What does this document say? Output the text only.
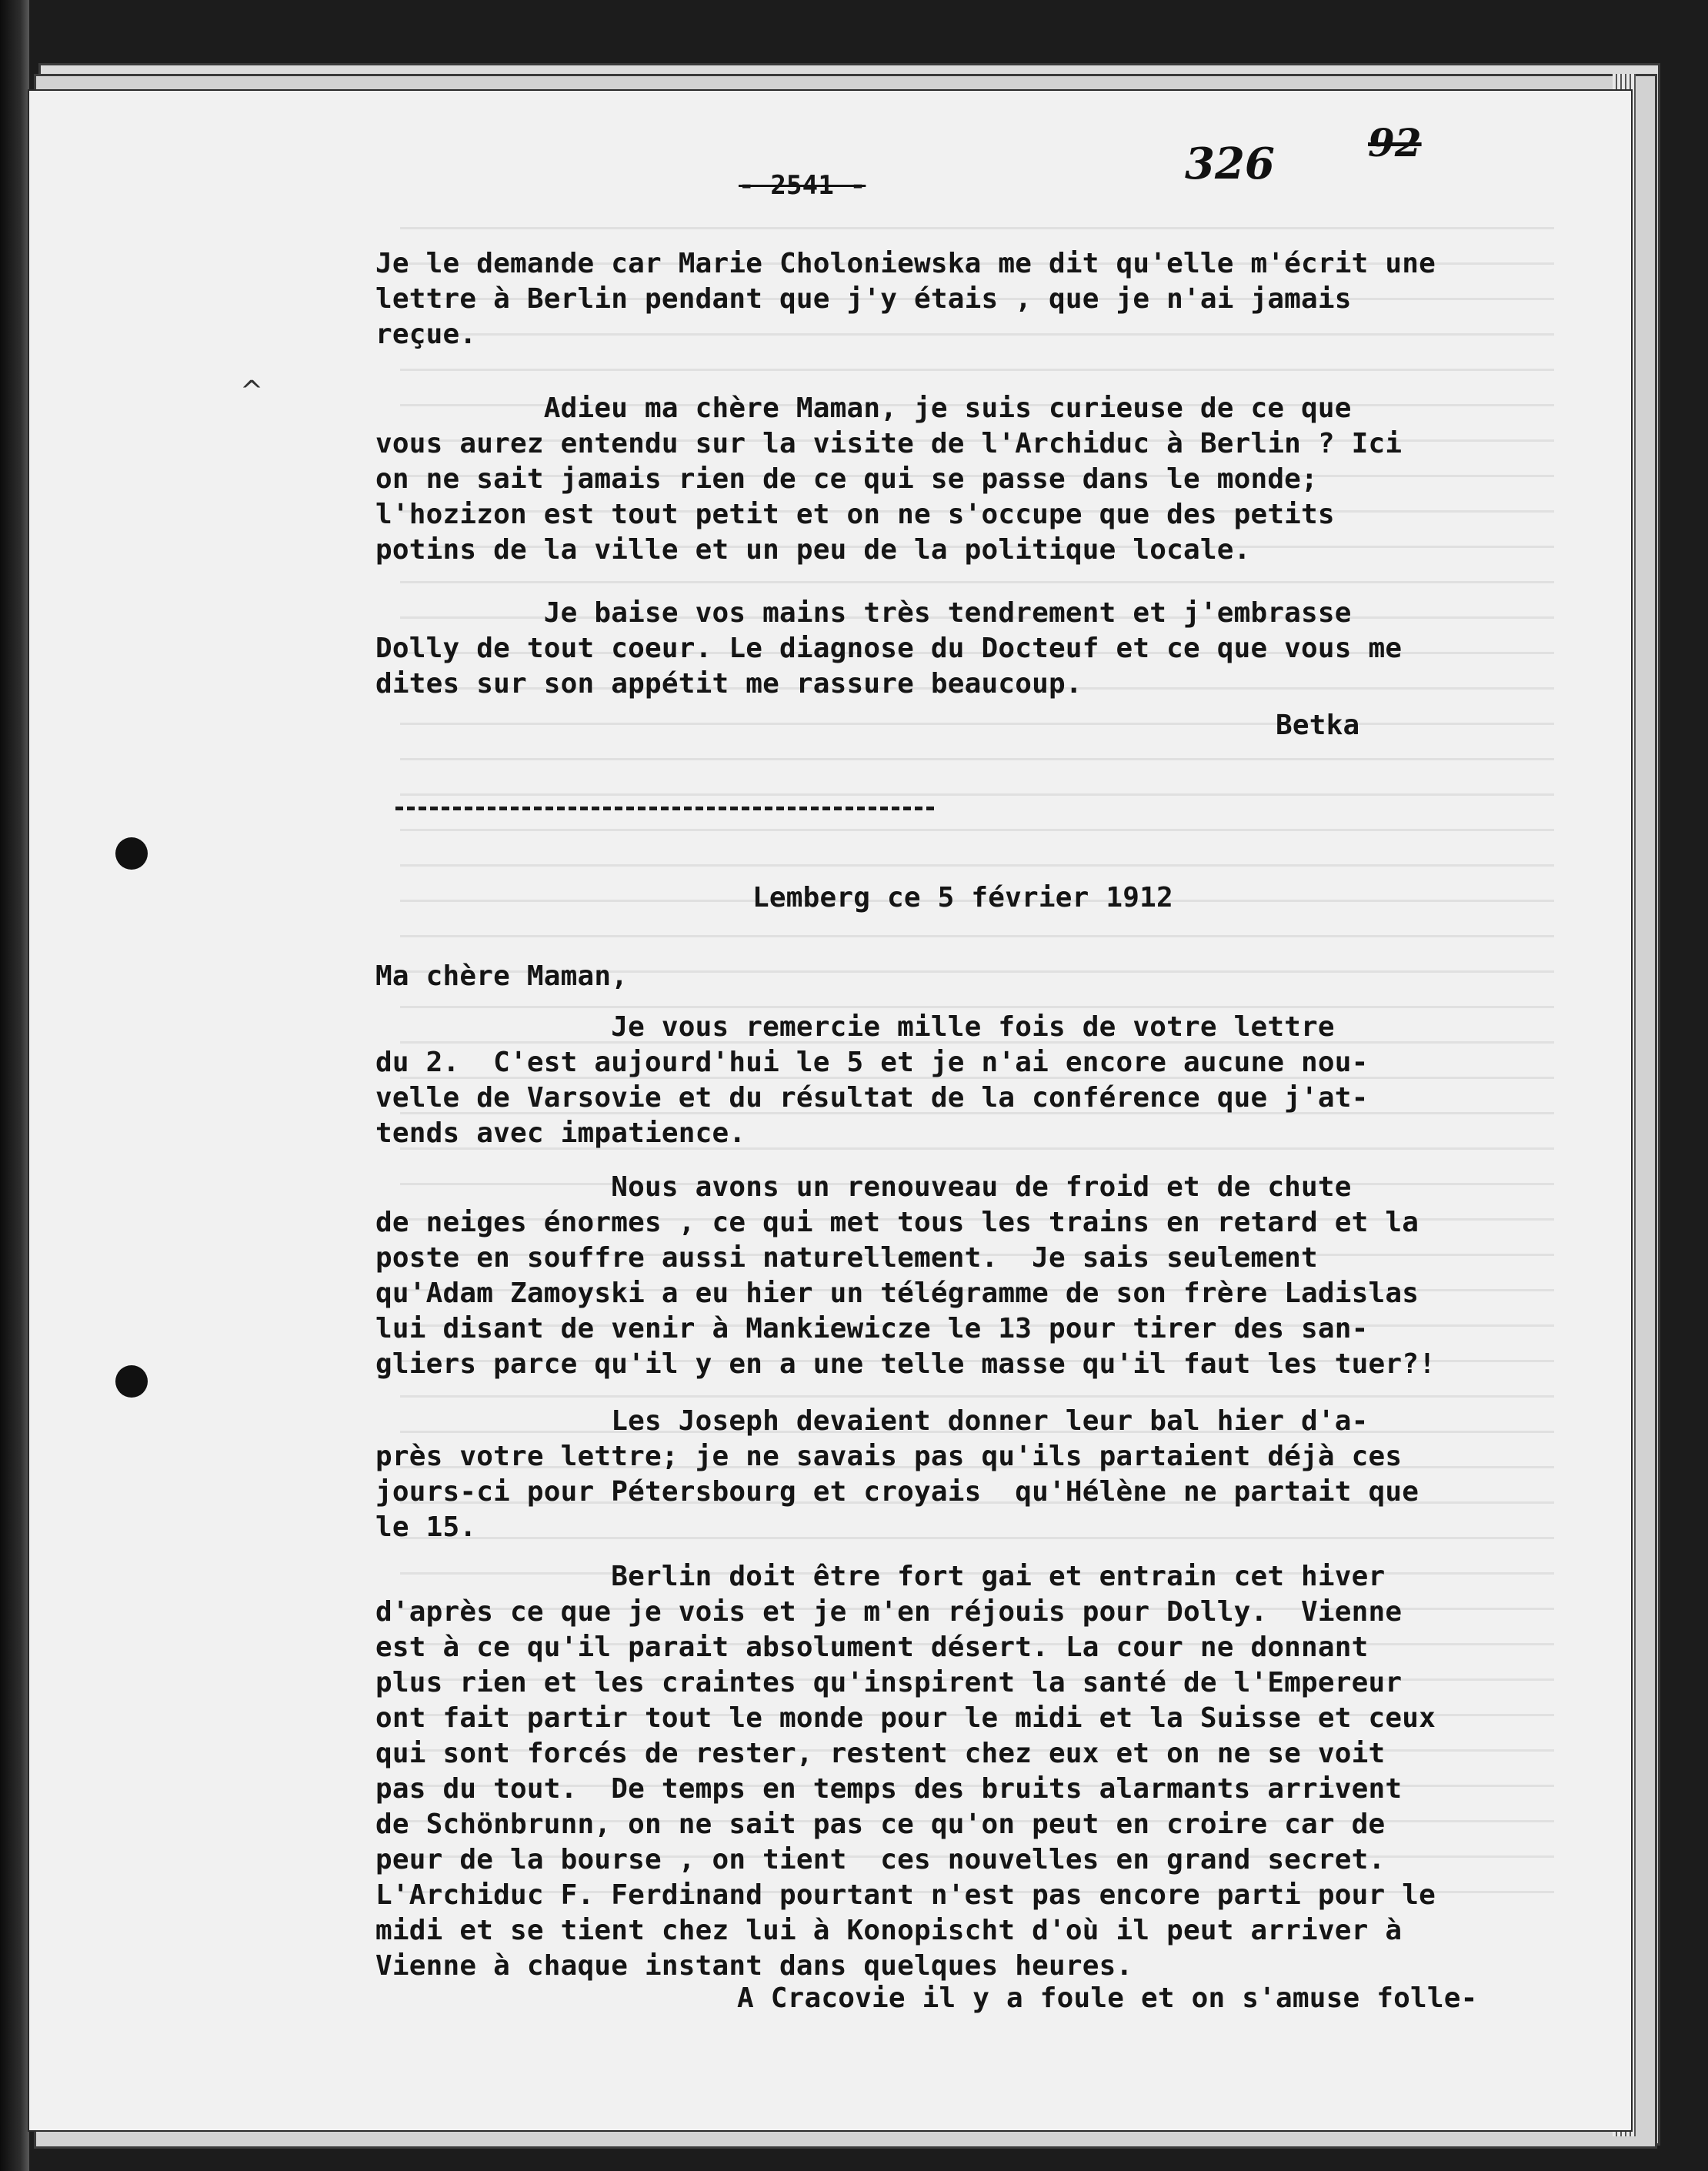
- 2541 -	326 92
^
Je le demande car Marie Choloniewska me dit qu'elle m'écrit une
lettre à Berlin pendant que j'y étais , que je n'ai jamais
reçue.
Adieu ma chère Maman, je suis curieuse de ce que
vous aurez entendu sur la visite de l'Archiduc à Berlin ? Ici
on ne sait jamais rien de ce qui se passe dans le monde;
l'hozizon est tout petit et on ne s'occupe que des petits
potins de la ville et un peu de la politique locale.
Je baise vos mains très tendrement et j'embrasse
Dolly de tout coeur. Le diagnose du Docteuf et ce que vous me
dites sur son appétit me rassure beaucoup.
Betka
Lemberg ce 5 février 1912
Ma chère Maman,
Je vous remercie mille fois de votre lettre
du 2.  C'est aujourd'hui le 5 et je n'ai encore aucune nou-
velle de Varsovie et du résultat de la conférence que j'at-
tends avec impatience.
Nous avons un renouveau de froid et de chute
de neiges énormes , ce qui met tous les trains en retard et la
poste en souffre aussi naturellement.  Je sais seulement
qu'Adam Zamoyski a eu hier un télégramme de son frère Ladislas
lui disant de venir à Mankiewicze le 13 pour tirer des san-
gliers parce qu'il y en a une telle masse qu'il faut les tuer?!
Les Joseph devaient donner leur bal hier d'a-
près votre lettre; je ne savais pas qu'ils partaient déjà ces
jours-ci pour Pétersbourg et croyais  qu'Hélène ne partait que
le 15.
Berlin doit être fort gai et entrain cet hiver
d'après ce que je vois et je m'en réjouis pour Dolly.  Vienne
est à ce qu'il parait absolument désert. La cour ne donnant
plus rien et les craintes qu'inspirent la santé de l'Empereur
ont fait partir tout le monde pour le midi et la Suisse et ceux
qui sont forcés de rester, restent chez eux et on ne se voit
pas du tout.  De temps en temps des bruits alarmants arrivent
de Schönbrunn, on ne sait pas ce qu'on peut en croire car de
peur de la bourse , on tient  ces nouvelles en grand secret.
L'Archiduc F. Ferdinand pourtant n'est pas encore parti pour le
midi et se tient chez lui à Konopischt d'où il peut arriver à
Vienne à chaque instant dans quelques heures.
A Cracovie il y a foule et on s'amuse folle-
